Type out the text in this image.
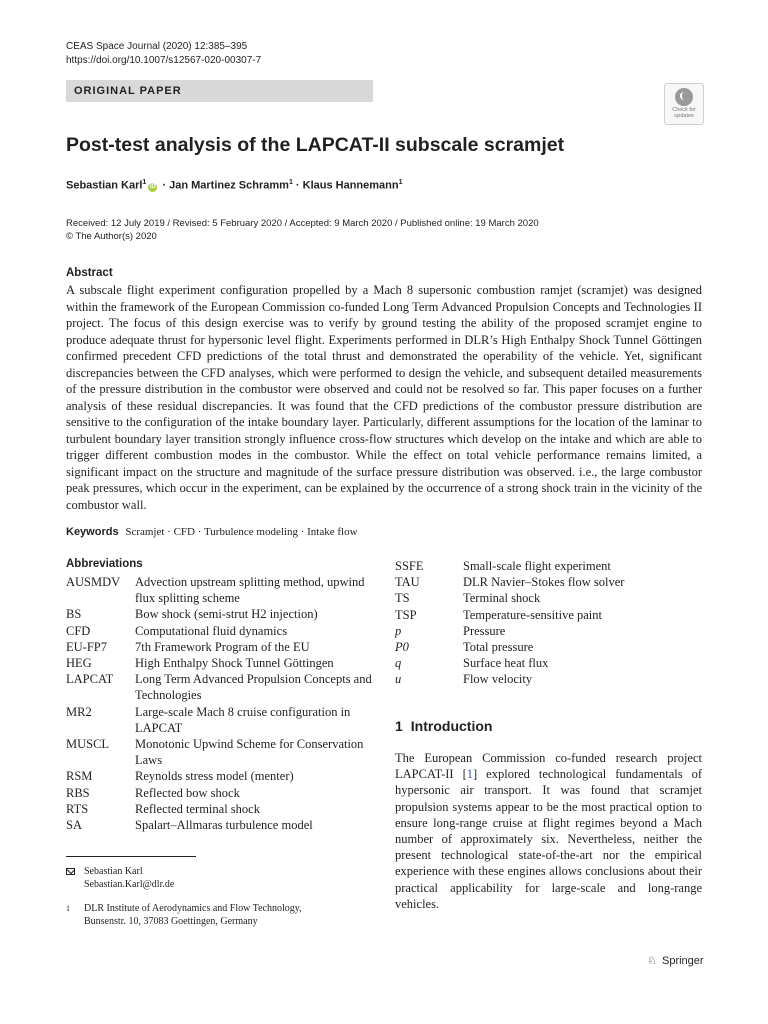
CEAS Space Journal (2020) 12:385–395
https://doi.org/10.1007/s12567-020-00307-7
ORIGINAL PAPER
Check for
updates
Post-test analysis of the LAPCAT-II subscale scramjet
Sebastian Karl$^1$iD · Jan Martinez Schramm$^1$ · Klaus Hannemann$^1$
Received: 12 July 2019 / Revised: 5 February 2020 / Accepted: 9 March 2020 / Published online: 19 March 2020
© The Author(s) 2020
Abstract
A subscale flight experiment configuration propelled by a Mach 8 supersonic combustion ramjet (scramjet) was designed within the framework of the European Commission co-funded Long Term Advanced Propulsion Concepts and Technologies II project. The focus of this design exercise was to verify by ground testing the ability of the proposed scramjet engine to produce adequate thrust for hypersonic level flight. Experiments performed in DLR’s High Enthalpy Shock Tunnel Göttingen confirmed precedent CFD predictions of the total thrust and demonstrated the operability of the vehicle. Yet, significant discrepancies between the CFD analyses, which were performed to design the vehicle, and subsequent detailed measurements of the pressure distribution in the combustor were observed and could not be resolved so far. This paper focuses on a further analysis of these residual discrepancies. It was found that the CFD predictions of the combustor pressure distribution are sensitive to the configuration of the intake boundary layer. Particularly, different assumptions for the location of the laminar to turbulent boundary layer transition strongly influence cross-flow structures which develop on the intake and which are able to trigger different combustion modes in the combustor. While the effect on total vehicle performance remains limited, a significant impact on the structure and magnitude of the surface pressure distribution was observed. i.e., the large combustor peak pressures, which occur in the experiment, can be explained by the occurrence of a strong shock train in the vicinity of the combustor wall.
Keywords Scramjet · CFD · Turbulence modeling · Intake flow
Abbreviations
AUSMDV	Advection upstream splitting method, upwind flux splitting scheme
BS	Bow shock (semi-strut H2 injection)
CFD	Computational fluid dynamics
EU-FP7	7th Framework Program of the EU
HEG	High Enthalpy Shock Tunnel Göttingen
LAPCAT	Long Term Advanced Propulsion Concepts and Technologies
MR2	Large-scale Mach 8 cruise configuration in LAPCAT
MUSCL	Monotonic Upwind Scheme for Conservation Laws
RSM	Reynolds stress model (menter)
RBS	Reflected bow shock
RTS	Reflected terminal shock
SA	Spalart–Allmaras turbulence model
SSFE	Small-scale flight experiment
TAU	DLR Navier–Stokes flow solver
TS	Terminal shock
TSP	Temperature-sensitive paint
p	Pressure
P0	Total pressure
q	Surface heat flux
u	Flow velocity
1 Introduction
The European Commission co-funded research project LAPCAT-II [1] explored technological fundamentals of hypersonic air transport. It was found that scramjet propulsion systems appear to be the most practical option to ensure long-range cruise at flight regimes beyond a Mach number of approximately six. Nevertheless, neither the present technological state-of-the-art nor the empirical experience with these engines allows conclusions about their practical applicability for large-scale and long-range vehicles.
Sebastian Karl
Sebastian.Karl@dlr.de
1	DLR Institute of Aerodynamics and Flow Technology,
Bunsenstr. 10, 37083 Goettingen, Germany
♘ Springer
